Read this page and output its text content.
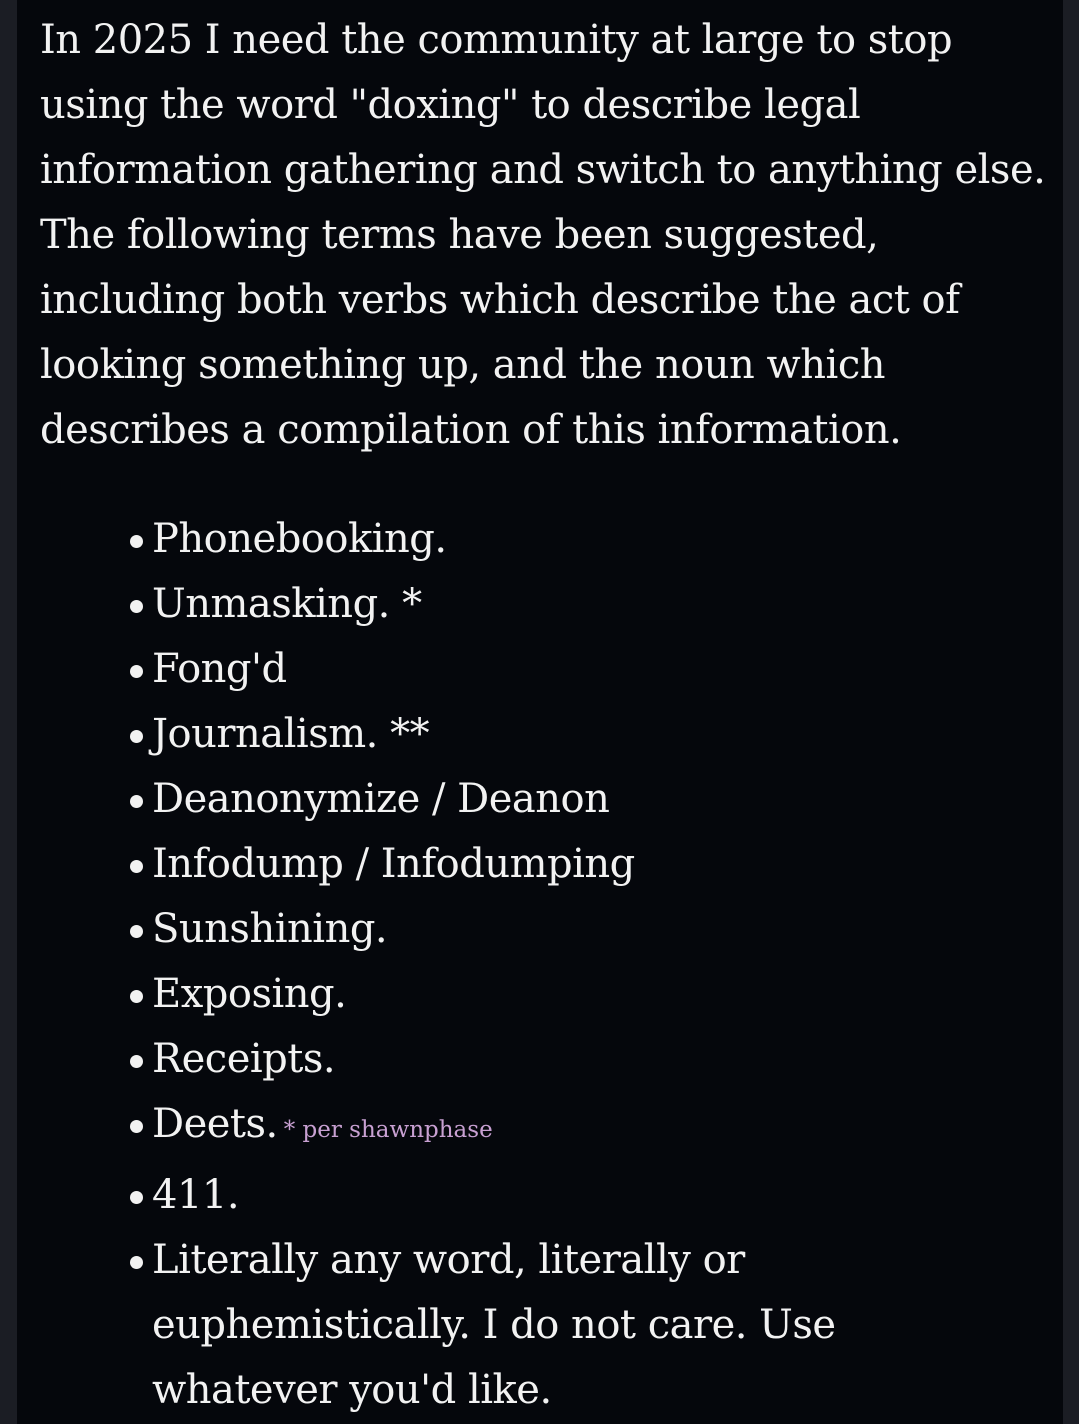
In 2025 I need the community at large to stop using the word "doxing" to describe legal information gathering and switch to anything else. The following terms have been suggested, including both verbs which describe the act of looking something up, and the noun which describes a compilation of this information.

Phonebooking.
Unmasking. *
Fong'd
Journalism. **
Deanonymize / Deanon
Infodump / Infodumping
Sunshining.
Exposing.
Receipts.
Deets. * per shawnphase
411.
Literally any word, literally or euphemistically. I do not care. Use whatever you'd like.
